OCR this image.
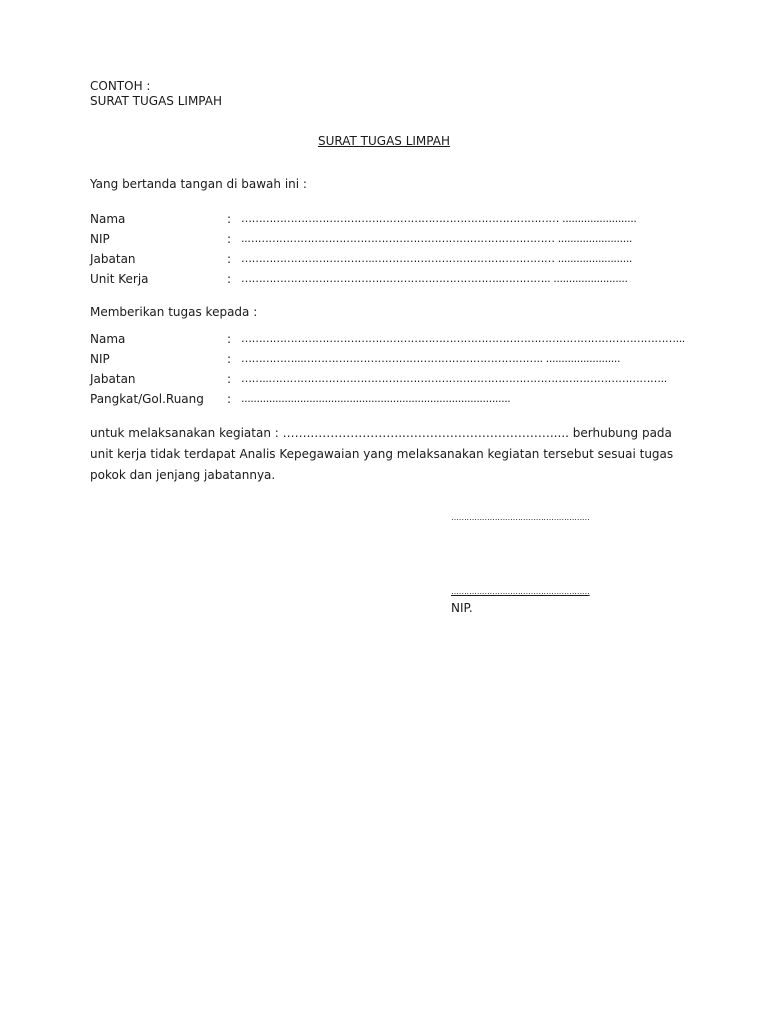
CONTOH :
SURAT TUGAS LIMPAH
SURAT TUGAS LIMPAH
Yang bertanda tangan di bawah ini :
Nama	: ……………………………………………………………………………… ........................
NIP	: ..…………………………………………………………………………… ........................
Jabatan	: ………………………………..…………………………………………… ........................
Unit Kerja	: ………………………………………………………………..………….. ........................
Memberikan tugas kepada :
Nama	: ……………………………………………………………………………………………………………...
NIP	: ……………...………………………………………………………….. ........................
Jabatan	: ……..…………………………………………………………………………………………………..
Pangkat/Gol.Ruang : .......................................................................................
untuk melaksanakan kegiatan : ……..…………………..………………………………..... berhubung pada unit kerja tidak terdapat Analis Kepegawaian yang melaksanakan kegiatan tersebut sesuai tugas pokok dan jenjang jabatannya.
………………………………………………
………………………………………………
NIP.
